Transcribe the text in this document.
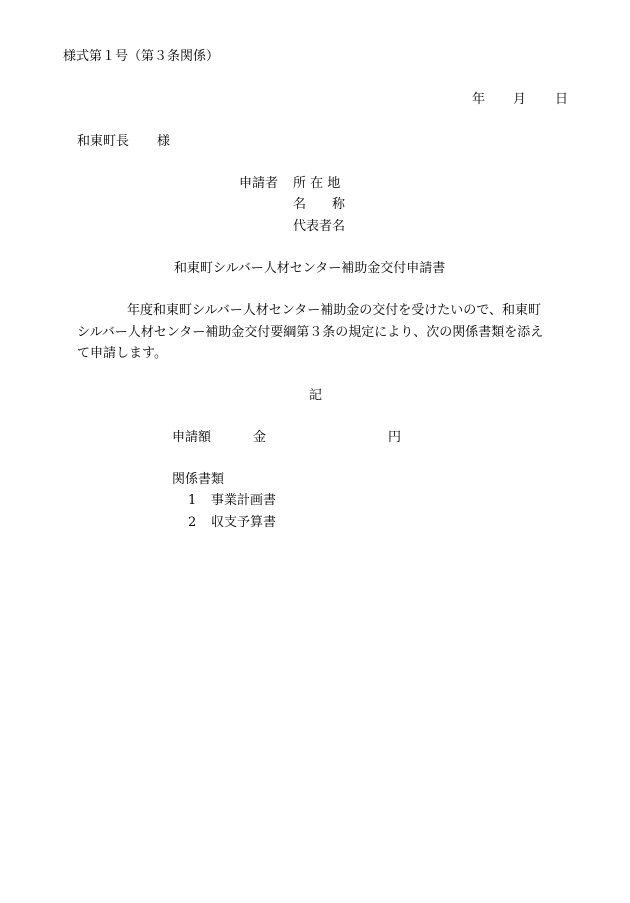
様式第１号（第３条関係）
年 月 日
和東町長 様
申請者 所 在 地
名　　称
代表者名
和東町シルバー人材センター補助金交付申請書
年度和東町シルバー人材センター補助金の交付を受けたいので、和東町
シルバー人材センター補助金交付要綱第３条の規定により、次の関係書類を添え
て申請します。
記
申請額	金	円
関係書類
1 事業計画書
2 収支予算書
